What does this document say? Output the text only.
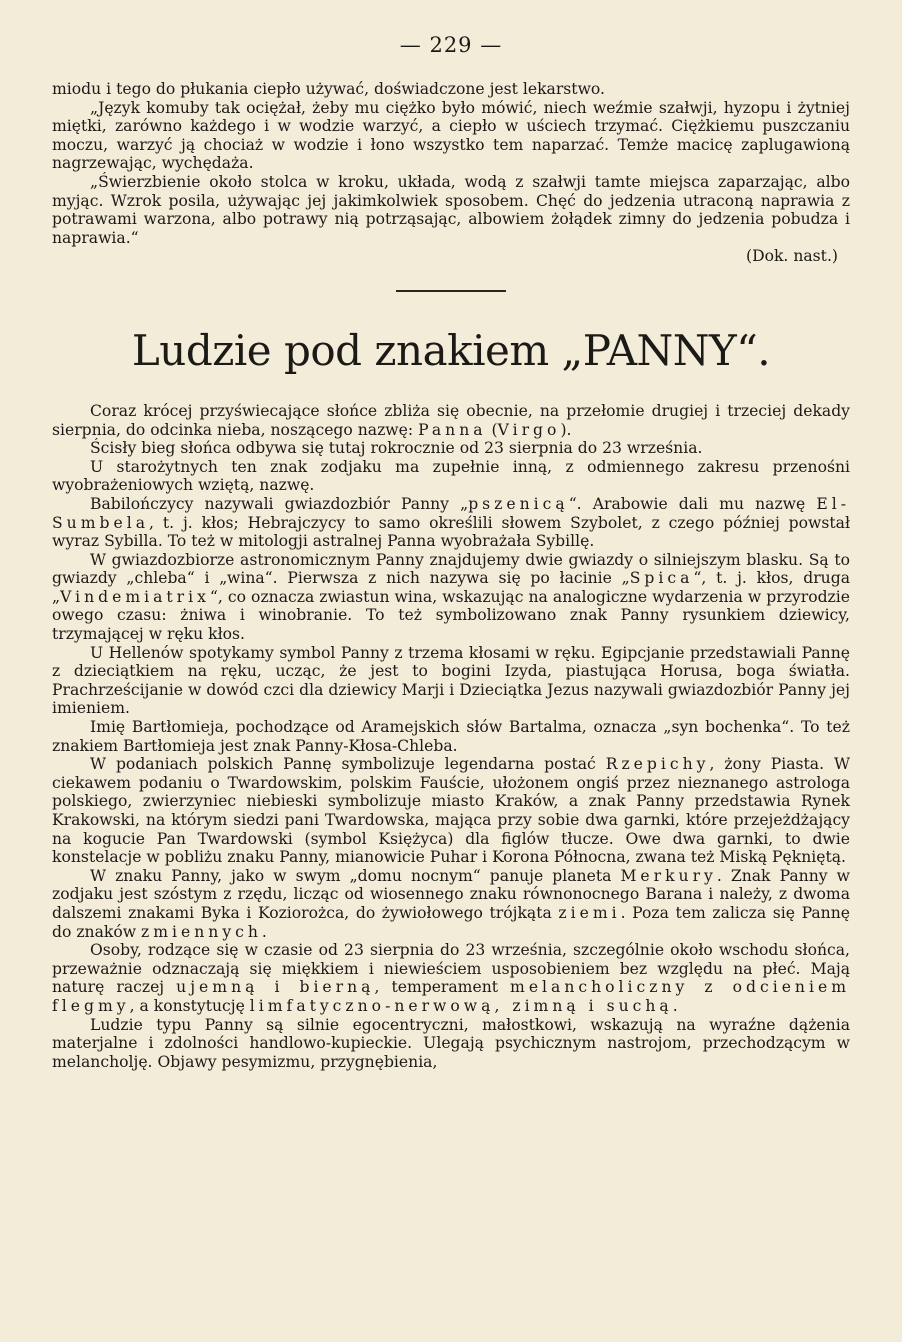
— 229 —

miodu i tego do płukania ciepło używać, doświadczone jest lekarstwo.

„Język komuby tak ociężał, żeby mu ciężko było mówić, niech weźmie szałwji, hyzopu i żytniej miętki, zarówno każdego i w wodzie warzyć, a ciepło w uściech trzymać. Ciężkiemu puszczaniu moczu, warzyć ją chociaż w wodzie i łono wszystko tem naparzać. Temże macicę zaplugawioną nagrzewając, wychędaża.

„Świerzbienie około stolca w kroku, układa, wodą z szałwji tamte miejsca zaparzając, albo myjąc. Wzrok posila, używając jej jakimkolwiek sposobem. Chęć do jedzenia utraconą naprawia z potrawami warzona, albo potrawy nią potrząsając, albowiem żołądek zimny do jedzenia pobudza i naprawia.“

(Dok. nast.)

Ludzie pod znakiem „PANNY“.

Coraz krócej przyświecające słońce zbliża się obecnie, na przełomie drugiej i trzeciej dekady sierpnia, do odcinka nieba, noszącego nazwę: Panna (Virgo).

Ścisły bieg słońca odbywa się tutaj rokrocznie od 23 sierpnia do 23 września.

U starożytnych ten znak zodjaku ma zupełnie inną, z odmiennego zakresu przenośni wyobrażeniowych wziętą, nazwę.

Babilończycy nazywali gwiazdozbiór Panny „pszenicą“. Arabowie dali mu nazwę El-Sumbela, t. j. kłos; Hebrajczycy to samo określili słowem Szybolet, z czego później powstał wyraz Sybilla. To też w mitologji astralnej Panna wyobrażała Sybillę.

W gwiazdozbiorze astronomicznym Panny znajdujemy dwie gwiazdy o silniejszym blasku. Są to gwiazdy „chleba“ i „wina“. Pierwsza z nich nazywa się po łacinie „Spica“, t. j. kłos, druga „Vindemiatrix“, co oznacza zwiastun wina, wskazując na analogiczne wydarzenia w przyrodzie owego czasu: żniwa i winobranie. To też symbolizowano znak Panny rysunkiem dziewicy, trzymającej w ręku kłos.

U Hellenów spotykamy symbol Panny z trzema kłosami w ręku. Egipcjanie przedstawiali Pannę z dzieciątkiem na ręku, ucząc, że jest to bogini Izyda, piastująca Horusa, boga światła. Prachrześcijanie w dowód czci dla dziewicy Marji i Dzieciątka Jezus nazywali gwiazdozbiór Panny jej imieniem.

Imię Bartłomieja, pochodzące od Aramejskich słów Bartalma, oznacza „syn bochenka“. To też znakiem Bartłomieja jest znak Panny-Kłosa-Chleba.

W podaniach polskich Pannę symbolizuje legendarna postać Rzepichy, żony Piasta. W ciekawem podaniu o Twardowskim, polskim Fauście, ułożonem ongiś przez nieznanego astrologa polskiego, zwierzyniec niebieski symbolizuje miasto Kraków, a znak Panny przedstawia Rynek Krakowski, na którym siedzi pani Twardowska, mająca przy sobie dwa garnki, które przejeżdżający na kogucie Pan Twardowski (symbol Księżyca) dla figlów tłucze. Owe dwa garnki, to dwie konstelacje w pobliżu znaku Panny, mianowicie Puhar i Korona Północna, zwana też Miską Pękniętą.

W znaku Panny, jako w swym „domu nocnym“ panuje planeta Merkury. Znak Panny w zodjaku jest szóstym z rzędu, licząc od wiosennego znaku równonocnego Barana i należy, z dwoma dalszemi znakami Byka i Koziorożca, do żywiołowego trójkąta ziemi. Poza tem zalicza się Pannę do znaków zmiennych.

Osoby, rodzące się w czasie od 23 sierpnia do 23 września, szczególnie około wschodu słońca, przeważnie odznaczają się miękkiem i niewieściem usposobieniem bez względu na płeć. Mają naturę raczej ujemną i bierną, temperament melancholiczny z odcieniem flegmy, a konstytucję limfatyczno-nerwową, zimną i suchą.

Ludzie typu Panny są silnie egocentryczni, małostkowi, wskazują na wyraźne dążenia materjalne i zdolności handlowo-kupieckie. Ulegają psychicznym nastrojom, przechodzącym w melancholję. Objawy pesymizmu, przygnębienia,
